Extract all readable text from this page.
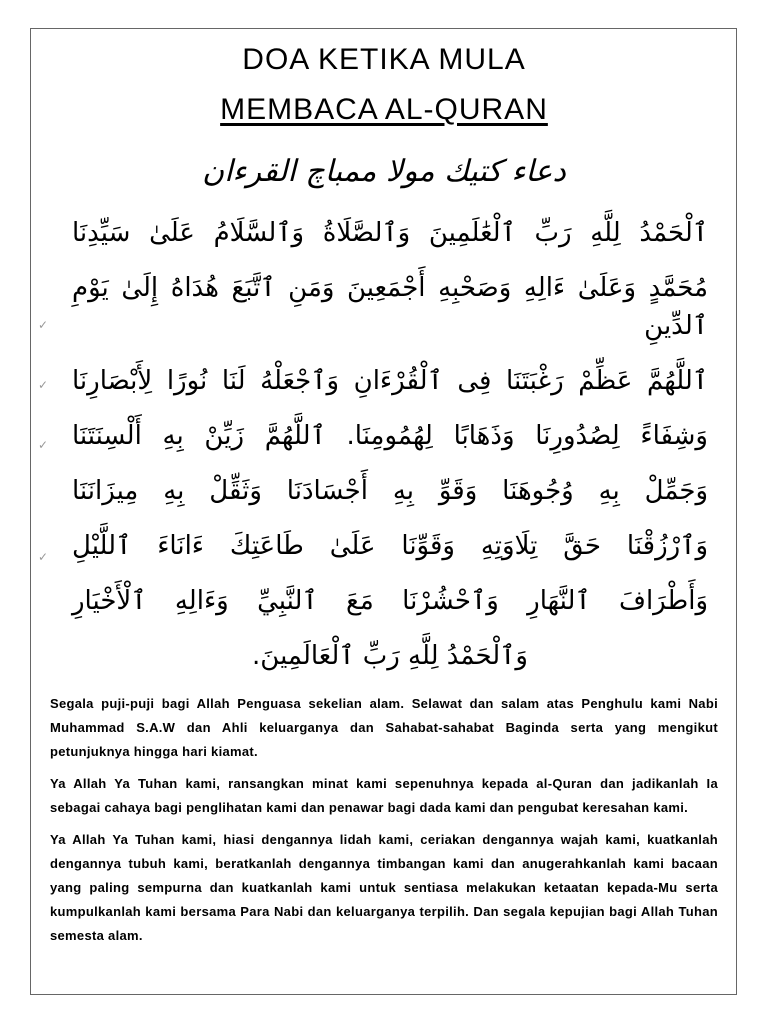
DOA KETIKA MULA
MEMBACA AL-QURAN
دعاء كتيك مولا ممباچ القرءان
ٱلْحَمْدُ لِلَّهِ رَبِّ ٱلْعَٰلَمِينَ وَٱلصَّلَاةُ وَٱلسَّلَامُ عَلَىٰ سَيِّدِنَا
مُحَمَّدٍ وَعَلَىٰ ءَالِهِ وَصَحْبِهِ أَجْمَعِينَ وَمَنِ ٱتَّبَعَ هُدَاهُ إِلَىٰ يَوْمِ ٱلدِّينِ
ٱللَّهُمَّ عَظِّمْ رَغْبَتَنَا فِى ٱلْقُرْءَانِ وَٱجْعَلْهُ لَنَا نُورًا لِأَبْصَارِنَا
وَشِفَاءً لِصُدُورِنَا وَذَهَابًا لِهُمُومِنَا. ٱللَّهُمَّ زَيِّنْ بِهِ أَلْسِنَتَنَا
وَجَمِّلْ بِهِ وُجُوهَنَا وَقَوِّ بِهِ أَجْسَادَنَا وَثَقِّلْ بِهِ مِيزَانَنَا
وَٱرْزُقْنَا حَقَّ تِلَاوَتِهِ وَقَوِّنَا عَلَىٰ طَاعَتِكَ ءَانَاءَ ٱللَّيْلِ
وَأَطْرَافَ ٱلنَّهَارِ وَٱحْشُرْنَا مَعَ ٱلنَّبِيِّ وَءَالِهِ ٱلْأَخْيَارِ
وَٱلْحَمْدُ لِلَّهِ رَبِّ ٱلْعَالَمِينَ.
✓
✓
✓
✓

Segala puji-puji bagi Allah Penguasa sekelian alam. Selawat dan salam atas Penghulu kami Nabi Muhammad S.A.W dan Ahli keluarganya dan Sahabat-sahabat Baginda serta yang mengikut petunjuknya hingga hari kiamat.

Ya Allah Ya Tuhan kami, ransangkan minat kami sepenuhnya kepada al-Quran dan jadikanlah Ia sebagai cahaya bagi penglihatan kami dan penawar bagi dada kami dan pengubat keresahan kami.

Ya Allah Ya Tuhan kami, hiasi dengannya lidah kami, ceriakan dengannya wajah kami, kuatkanlah dengannya tubuh kami, beratkanlah dengannya timbangan kami dan anugerahkanlah kami bacaan yang paling sempurna dan kuatkanlah kami untuk sentiasa melakukan ketaatan kepada-Mu serta kumpulkanlah kami bersama Para Nabi dan keluarganya terpilih. Dan segala kepujian bagi Allah Tuhan semesta alam.
